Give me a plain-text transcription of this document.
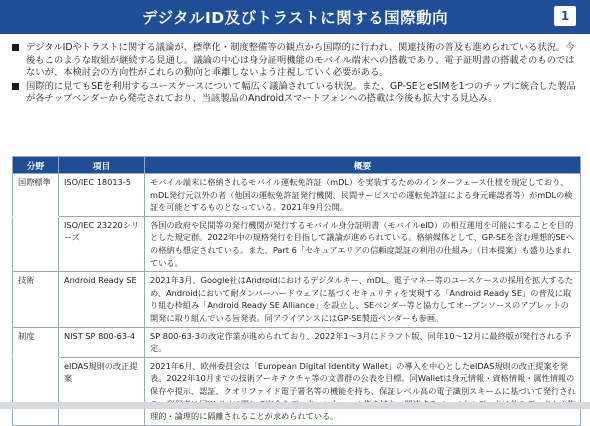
デジタルID及びトラストに関する国際動向	1
デジタルIDやトラストに関する議論が、標準化・制度整備等の観点から国際的に行われ、関連技術の普及も進められている状況。今後もこのような取組が継続する見通し。議論の中心は身分証明機能のモバイル端末への搭載であり、電子証明書の搭載そのものではないが、本検討会の方向性がこれらの動向と乖離しないよう注視していく必要がある。
国際的に見てもSEを利用するユースケースについて幅広く議論されている状況。また、GP-SEとeSIMを1つのチップに統合した製品が各チップベンダーから発売されており、当該製品のAndroidスマートフォンへの搭載は今後も拡大する見込み。
分野	項目	概要
国際標準	ISO/IEC 18013-5	モバイル端末に格納されるモバイル運転免許証（mDL）を実装するためのインターフェース仕様を規定しており、mDL発行元以外の者（他国の運転免許証発行機関、民間サービスでの運転免許証による身元確認者等）がmDLの検証を可能とするものとなっている。2021年9月公開。
	ISO/IEC 23220シリーズ	各国の政府や民間等の発行機関が発行するモバイル身分証明書（モバイルeID）の相互運用を可能にすることを目的とした規定群。2022年中の規格発行を目指して議論が進められている。格納媒体として、GP-SEを含む理想的SEへの格納も想定されている。また、Part 6「セキュアエリアの信頼度認証の利用の仕組み」（日本提案）も盛り込まれている。
技術	Android Ready SE	2021年3月、Google社はAndroidにおけるデジタルキー、mDL、電子マネー等のユースケースの採用を拡大するため、Androidにおいて耐タンパーハードウェアに基づくセキュリティを実現する「Android Ready SE」の普及に取り組む枠組み「Android Ready SE Alliance」を設立し、SEベンダー等と協力してオープンソースのアプレットの開発に取り組んでいる旨発表。同アライアンスにはGP-SE製造ベンダーも参画。
制度	NIST SP 800-63-4	SP 800-63-3の改定作業が進められており、2022年1〜3月にドラフト版、同年10〜12月に最終版が発行される予定。
	eIDAS規則の改正提案	2021年6月、欧州委員会は「European Digital Identity Wallet」の導入を中心としたeIDAS規則の改正提案を発表。2022年10月までの技術アーキテクチャ等の文書群の公表を目標。同Walletは身元情報・資格情報・属性情報の保存や提示、認証、クオリファイド電子署名等の機能を持ち、保証レベル高の電子識別スキームに基づいて発行され 理的・論理的に隔離されることが求められている。
